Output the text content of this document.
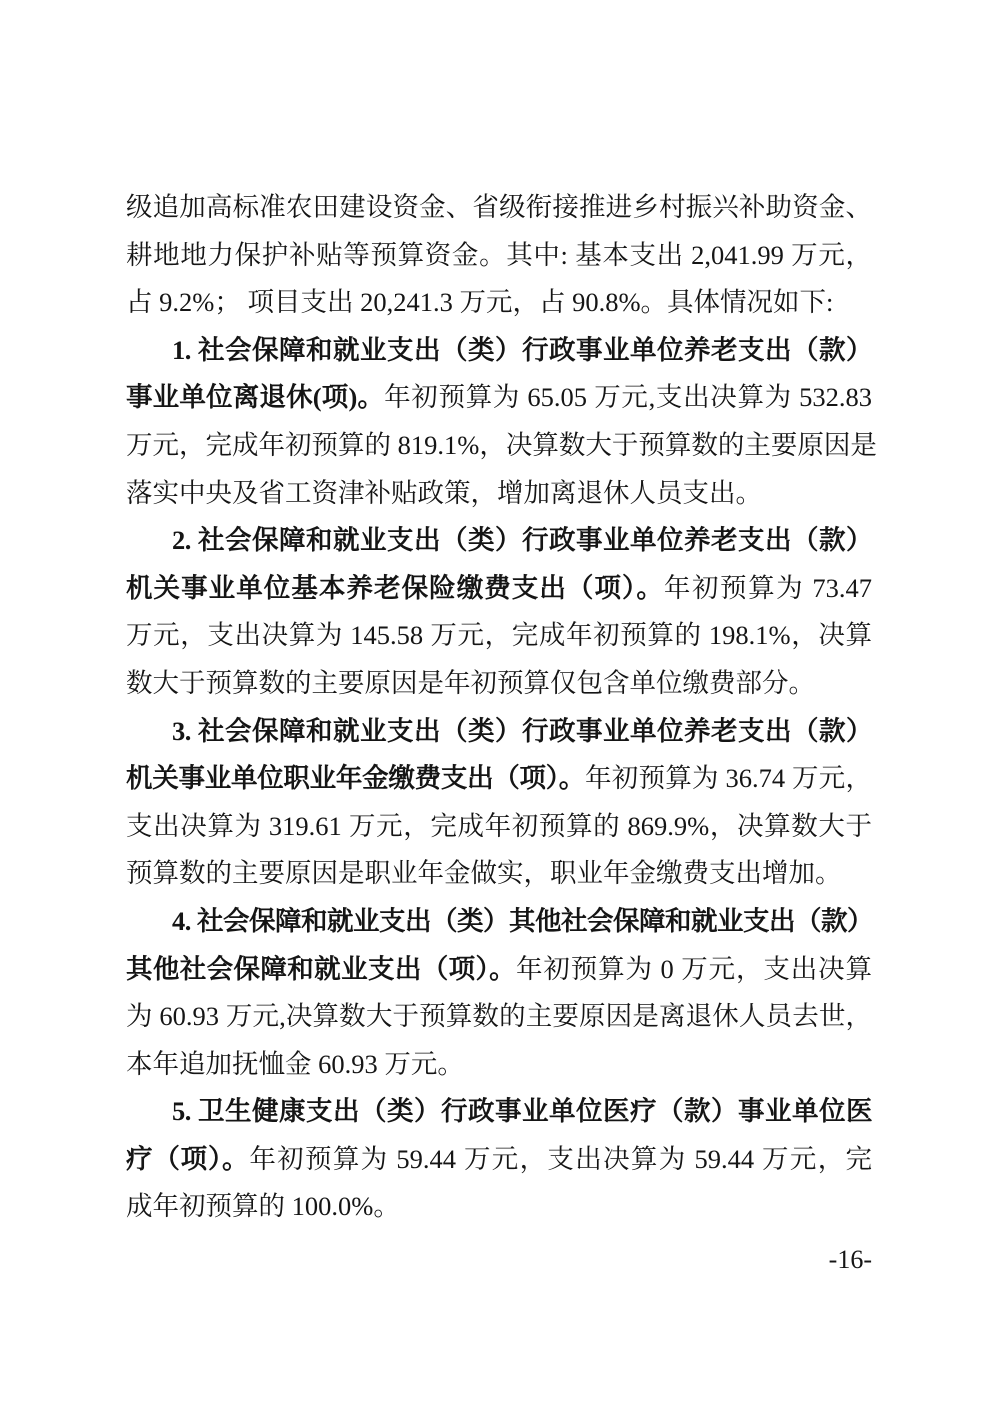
级追加高标准农田建设资金、省级衔接推进乡村振兴补助资金、
耕地地力保护补贴等预算资金。其中: 基本支出 2,041.99 万元，
占 9.2%； 项目支出 20,241.3 万元，占 90.8%。具体情况如下:
1. 社会保障和就业支出（类）行政事业单位养老支出（款）
事业单位离退休(项)。年初预算为 65.05 万元,支出决算为 532.83
万元，完成年初预算的 819.1%，决算数大于预算数的主要原因是
落实中央及省工资津补贴政策，增加离退休人员支出。
2. 社会保障和就业支出（类）行政事业单位养老支出（款）
机关事业单位基本养老保险缴费支出（项）。年初预算为 73.47
万元，支出决算为 145.58 万元，完成年初预算的 198.1%，决算
数大于预算数的主要原因是年初预算仅包含单位缴费部分。
3. 社会保障和就业支出（类）行政事业单位养老支出（款）
机关事业单位职业年金缴费支出（项）。年初预算为 36.74 万元，
支出决算为 319.61 万元，完成年初预算的 869.9%，决算数大于
预算数的主要原因是职业年金做实，职业年金缴费支出增加。
4. 社会保障和就业支出（类）其他社会保障和就业支出（款）
其他社会保障和就业支出（项）。年初预算为 0 万元，支出决算
为 60.93 万元,决算数大于预算数的主要原因是离退休人员去世，
本年追加抚恤金 60.93 万元。
5. 卫生健康支出（类）行政事业单位医疗（款）事业单位医
疗（项）。年初预算为 59.44 万元，支出决算为 59.44 万元，完
成年初预算的 100.0%。
-16-
